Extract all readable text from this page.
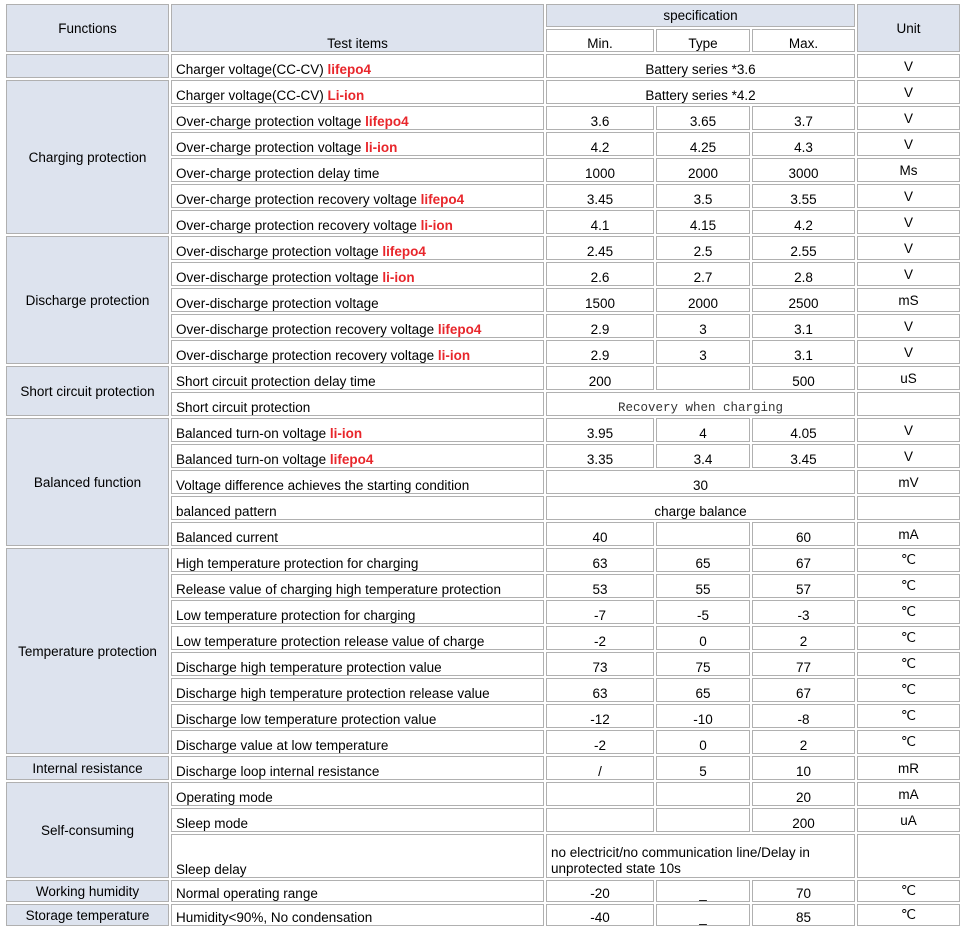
Functions	Test items	specification			Unit
		Min.	Type	Max.	
	Charger voltage(CC-CV) lifepo4	Battery series *3.6			V
Charging protection	Charger voltage(CC-CV) Li-ion	Battery series *4.2			V
	Over-charge protection voltage lifepo4	3.6	3.65	3.7	V
	Over-charge protection voltage li-ion	4.2	4.25	4.3	V
	Over-charge protection delay time	1000	2000	3000	Ms
	Over-charge protection recovery voltage lifepo4	3.45	3.5	3.55	V
	Over-charge protection recovery voltage li-ion	4.1	4.15	4.2	V
Discharge protection	Over-discharge protection voltage lifepo4	2.45	2.5	2.55	V
	Over-discharge protection voltage li-ion	2.6	2.7	2.8	V
	Over-discharge protection voltage	1500	2000	2500	mS
	Over-discharge protection recovery voltage lifepo4	2.9	3	3.1	V
	Over-discharge protection recovery voltage li-ion	2.9	3	3.1	V
Short circuit protection	Short circuit protection delay time	200		500	uS
	Short circuit protection	Recovery when charging			
Balanced function	Balanced turn-on voltage li-ion	3.95	4	4.05	V
	Balanced turn-on voltage lifepo4	3.35	3.4	3.45	V
	Voltage difference achieves the starting condition	30			mV
	balanced pattern	charge balance			
	Balanced current	40		60	mA
Temperature protection	High temperature protection for charging	63	65	67	℃
	Release value of charging high temperature protection	53	55	57	℃
	Low temperature protection for charging	-7	-5	-3	℃
	Low temperature protection release value of charge	-2	0	2	℃
	Discharge high temperature protection value	73	75	77	℃
	Discharge high temperature protection release value	63	65	67	℃
	Discharge low temperature protection value	-12	-10	-8	℃
	Discharge value at low temperature	-2	0	2	℃
Internal resistance	Discharge loop internal resistance	/	5	10	mR
Self-consuming	Operating mode			20	mA
	Sleep mode			200	uA
	Sleep delay	no electricit/no communication line/Delay in unprotected state 10s			
Working humidity	Normal operating range	-20	_	70	℃
Storage temperature	Humidity<90%, No condensation	-40	_	85	℃
